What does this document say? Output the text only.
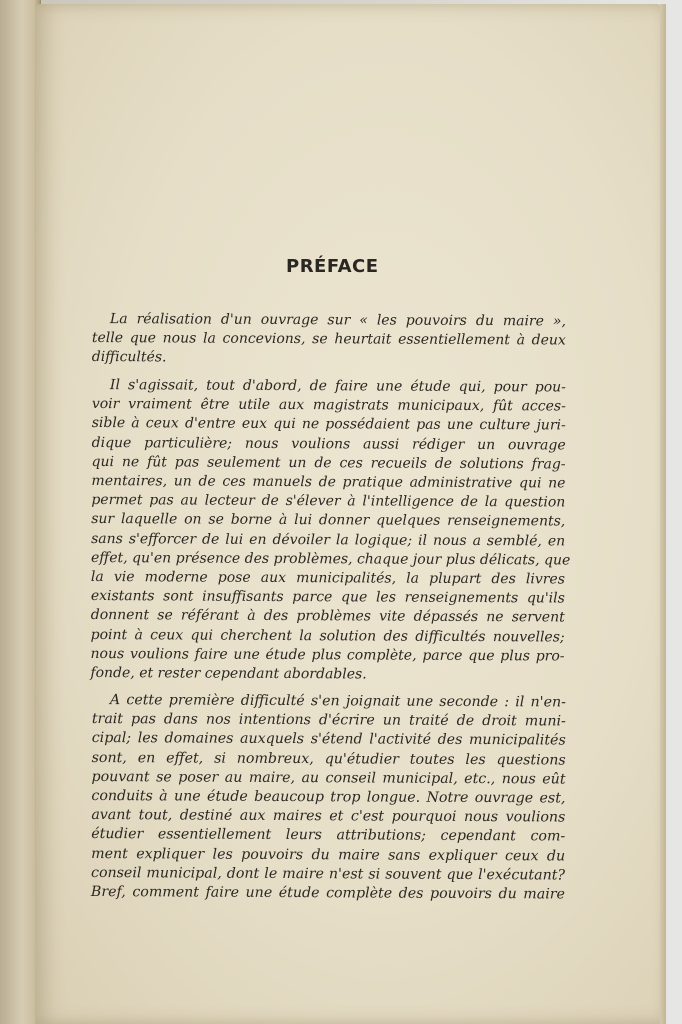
PRÉFACE
La réalisation d'un ouvrage sur « les pouvoirs du maire »,
telle que nous la concevions, se heurtait essentiellement à deux
difficultés.
Il s'agissait, tout d'abord, de faire une étude qui, pour pou-
voir vraiment être utile aux magistrats municipaux, fût acces-
sible à ceux d'entre eux qui ne possédaient pas une culture juri-
dique particulière; nous voulions aussi rédiger un ouvrage
qui ne fût pas seulement un de ces recueils de solutions frag-
mentaires, un de ces manuels de pratique administrative qui ne
permet pas au lecteur de s'élever à l'intelligence de la question
sur laquelle on se borne à lui donner quelques renseignements,
sans s'efforcer de lui en dévoiler la logique; il nous a semblé, en
effet, qu'en présence des problèmes, chaque jour plus délicats, que
la vie moderne pose aux municipalités, la plupart des livres
existants sont insuffisants parce que les renseignements qu'ils
donnent se référant à des problèmes vite dépassés ne servent
point à ceux qui cherchent la solution des difficultés nouvelles;
nous voulions faire une étude plus complète, parce que plus pro-
fonde, et rester cependant abordables.
A cette première difficulté s'en joignait une seconde : il n'en-
trait pas dans nos intentions d'écrire un traité de droit muni-
cipal; les domaines auxquels s'étend l'activité des municipalités
sont, en effet, si nombreux, qu'étudier toutes les questions
pouvant se poser au maire, au conseil municipal, etc., nous eût
conduits à une étude beaucoup trop longue. Notre ouvrage est,
avant tout, destiné aux maires et c'est pourquoi nous voulions
étudier essentiellement leurs attributions; cependant com-
ment expliquer les pouvoirs du maire sans expliquer ceux du
conseil municipal, dont le maire n'est si souvent que l'exécutant?
Bref, comment faire une étude complète des pouvoirs du maire
